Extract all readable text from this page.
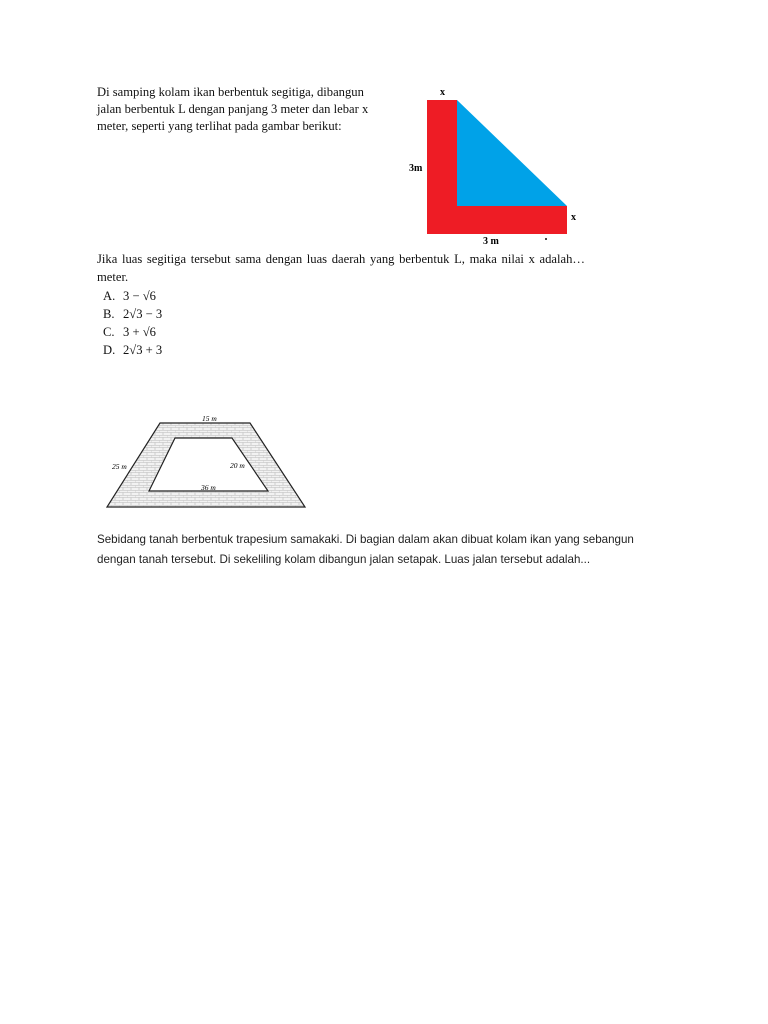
Di samping kolam ikan berbentuk segitiga, dibangun

jalan berbentuk L dengan panjang 3 meter dan lebar x

meter, seperti yang terlihat pada gambar berikut:

x
3m
x
3 m
Jika luas segitiga tersebut sama dengan luas daerah yang berbentuk L, maka nilai x adalah…meter.
A. 3 − √6
B. 2√3 − 3
C. 3 + √6
D. 2√3 + 3
15 m
25 m	20 m
36 m

Sebidang tanah berbentuk trapesium samakaki. Di bagian dalam akan dibuat kolam ikan yang sebangun

dengan tanah tersebut. Di sekeliling kolam dibangun jalan setapak. Luas jalan tersebut adalah...
